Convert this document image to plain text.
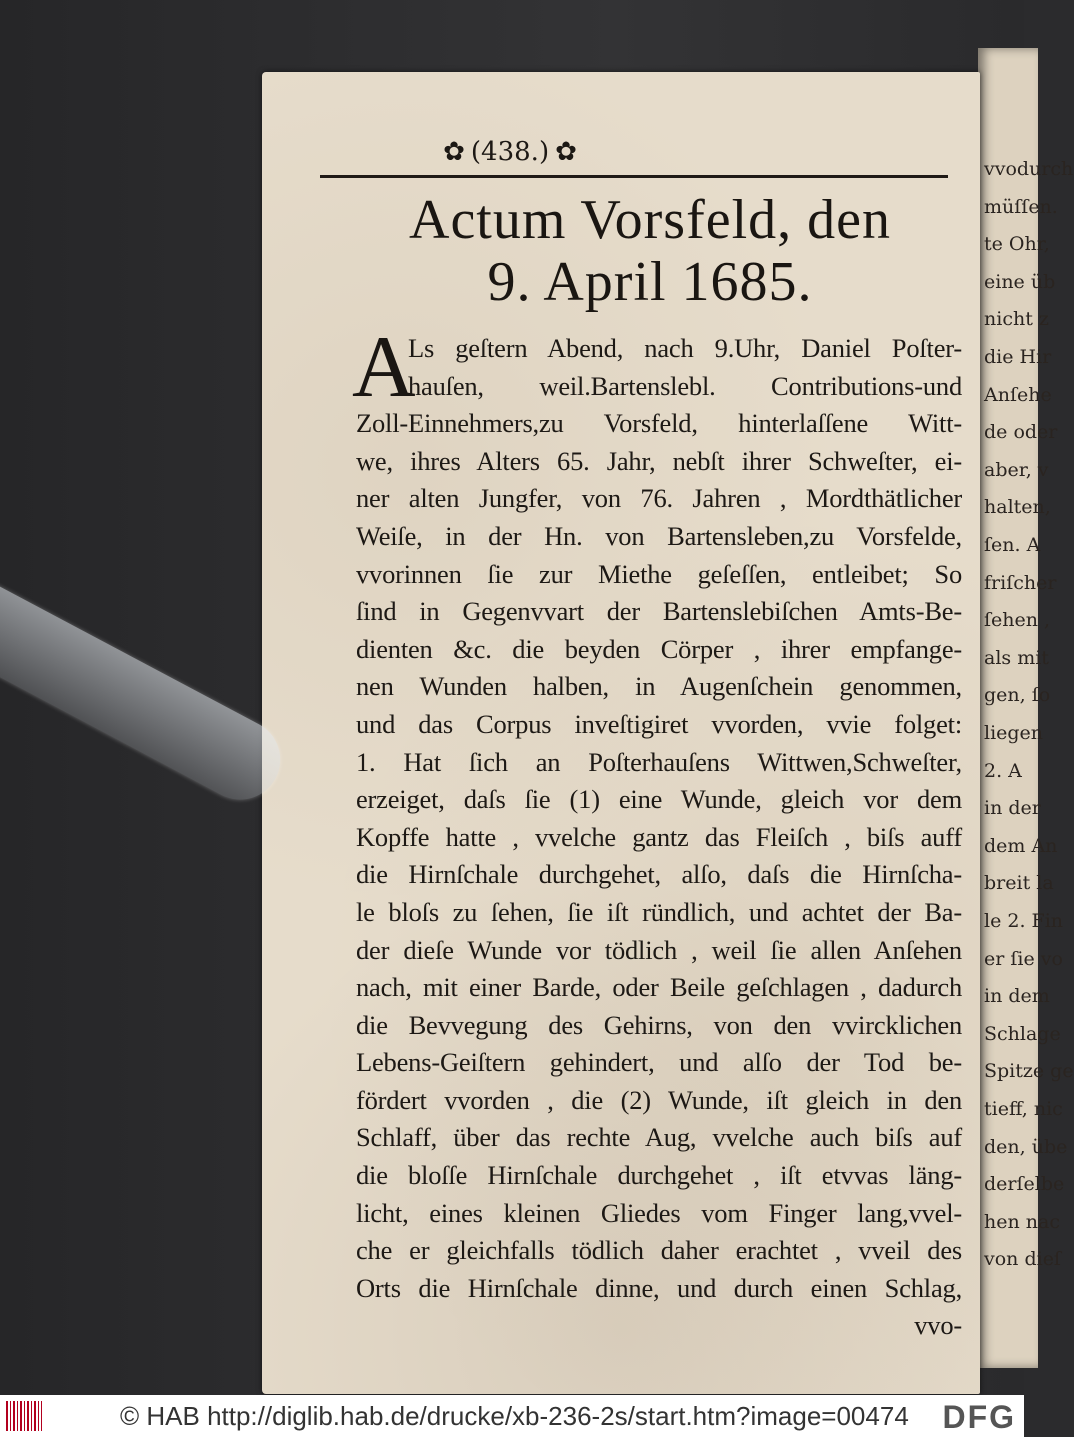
vvodurch
müſſen.
te Ohr,
eine üb
nicht z
die Hir
Anſehe
de oder
aber, v
halten,
ſen. A
friſcher
ſehen ,
als mit
gen, ſo
liegen
2. A
in der
dem An
breit la
le 2. Fin
er ſie vo
in dem
Schlage
Spitze ge
tieff, nic
den, übe
derſelbe
hen nac
von dieſ
✿ (438.) ✿
Actum Vorsfeld, den
9. April 1685.
A
Ls geſtern Abend, nach 9.Uhr, Daniel Poſter-
hauſen, weil.Bartenslebl. Contributions-und
Zoll-Einnehmers,zu Vorsfeld, hinterlaſſene Witt-
we, ihres Alters 65. Jahr, nebſt ihrer Schweſter, ei-
ner alten Jungfer, von 76. Jahren , Mordthätlicher
Weiſe, in der Hn. von Bartensleben,zu Vorsfelde,
vvorinnen ſie zur Miethe geſeſſen, entleibet; So
ſind in Gegenvvart der Bartenslebiſchen Amts-Be-
dienten &c. die beyden Cörper , ihrer empfange-
nen Wunden halben, in Augenſchein genommen,
und das Corpus inveſtigiret vvorden, vvie folget:
1. Hat ſich an Poſterhauſens Wittwen,Schweſter,
erzeiget, daſs ſie (1) eine Wunde, gleich vor dem
Kopffe hatte , vvelche gantz das Fleiſch , biſs auff
die Hirnſchale durchgehet, alſo, daſs die Hirnſcha-
le bloſs zu ſehen, ſie iſt ründlich, und achtet der Ba-
der dieſe Wunde vor tödlich , weil ſie allen Anſehen
nach, mit einer Barde, oder Beile geſchlagen , dadurch
die Bevvegung des Gehirns, von den vvircklichen
Lebens-Geiſtern gehindert, und alſo der Tod be-
fördert vvorden , die (2) Wunde, iſt gleich in den
Schlaff, über das rechte Aug, vvelche auch biſs auf
die bloſſe Hirnſchale durchgehet , iſt etvvas läng-
licht, eines kleinen Gliedes vom Finger lang,vvel-
che er gleichfalls tödlich daher erachtet , vveil des
Orts die Hirnſchale dinne, und durch einen Schlag,
vvo-
© HAB http://diglib.hab.de/drucke/xb-236-2s/start.htm?image=00474 DFG
